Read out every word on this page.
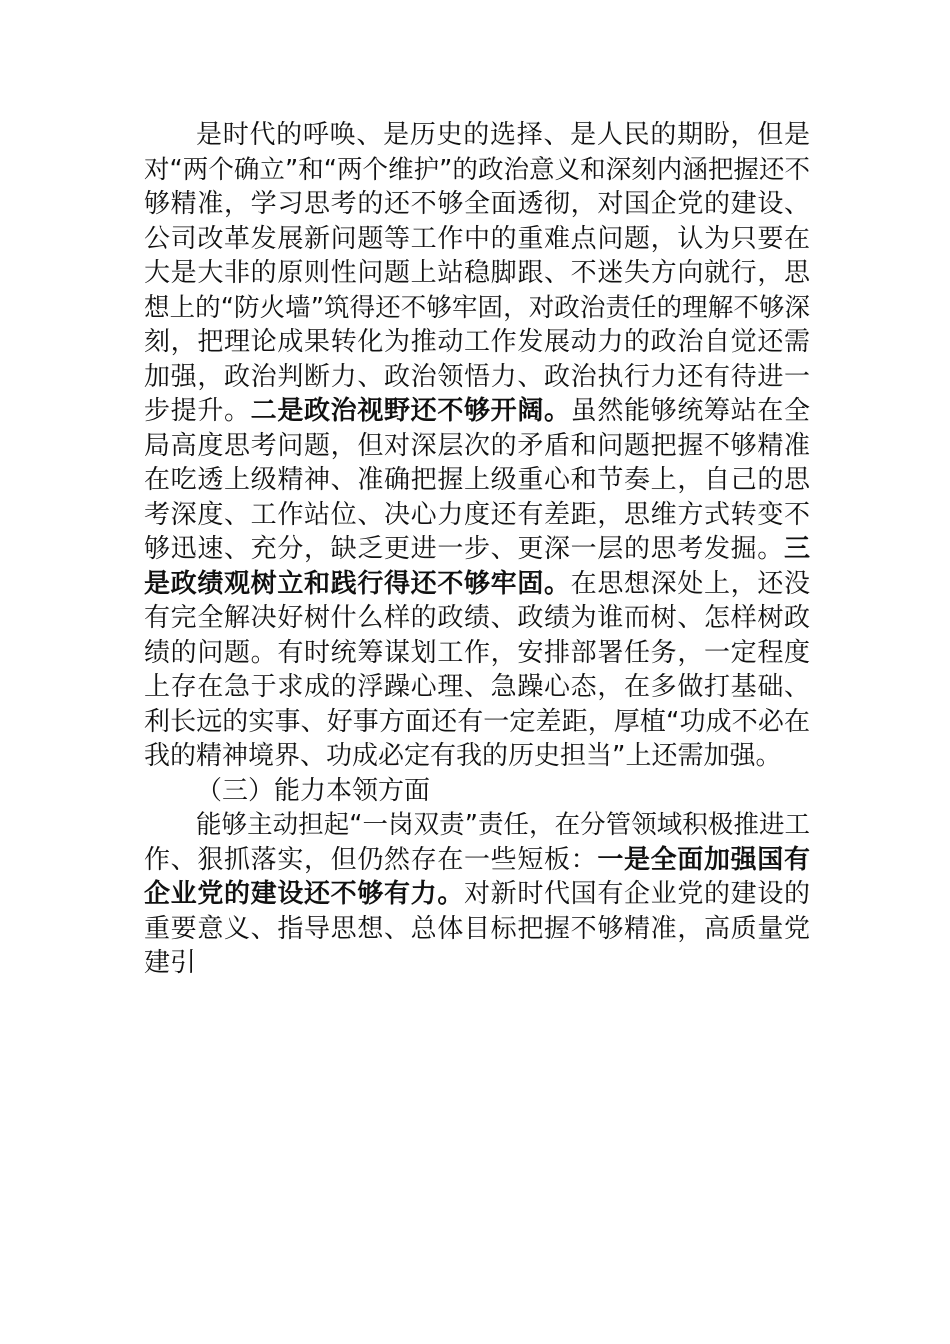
是时代的呼唤、是历史的选择、是人民的期盼，但是
对“两个确立”和“两个维护”的政治意义和深刻内涵把握还不
够精准，学习思考的还不够全面透彻，对国企党的建设、
公司改革发展新问题等工作中的重难点问题，认为只要在
大是大非的原则性问题上站稳脚跟、不迷失方向就行，思
想上的“防火墙”筑得还不够牢固，对政治责任的理解不够深
刻，把理论成果转化为推动工作发展动力的政治自觉还需
加强，政治判断力、政治领悟力、政治执行力还有待进一
步提升。二是政治视野还不够开阔。虽然能够统筹站在全
局高度思考问题，但对深层次的矛盾和问题把握不够精准
在吃透上级精神、准确把握上级重心和节奏上，自己的思
考深度、工作站位、决心力度还有差距，思维方式转变不
够迅速、充分，缺乏更进一步、更深一层的思考发掘。三
是政绩观树立和践行得还不够牢固。在思想深处上，还没
有完全解决好树什么样的政绩、政绩为谁而树、怎样树政
绩的问题。有时统筹谋划工作，安排部署任务，一定程度
上存在急于求成的浮躁心理、急躁心态，在多做打基础、
利长远的实事、好事方面还有一定差距，厚植“功成不必在
我的精神境界、功成必定有我的历史担当”上还需加强。
（三）能力本领方面
能够主动担起“一岗双责”责任，在分管领域积极推进工
作、狠抓落实，但仍然存在一些短板：一是全面加强国有
企业党的建设还不够有力。对新时代国有企业党的建设的
重要意义、指导思想、总体目标把握不够精准，高质量党
建引
